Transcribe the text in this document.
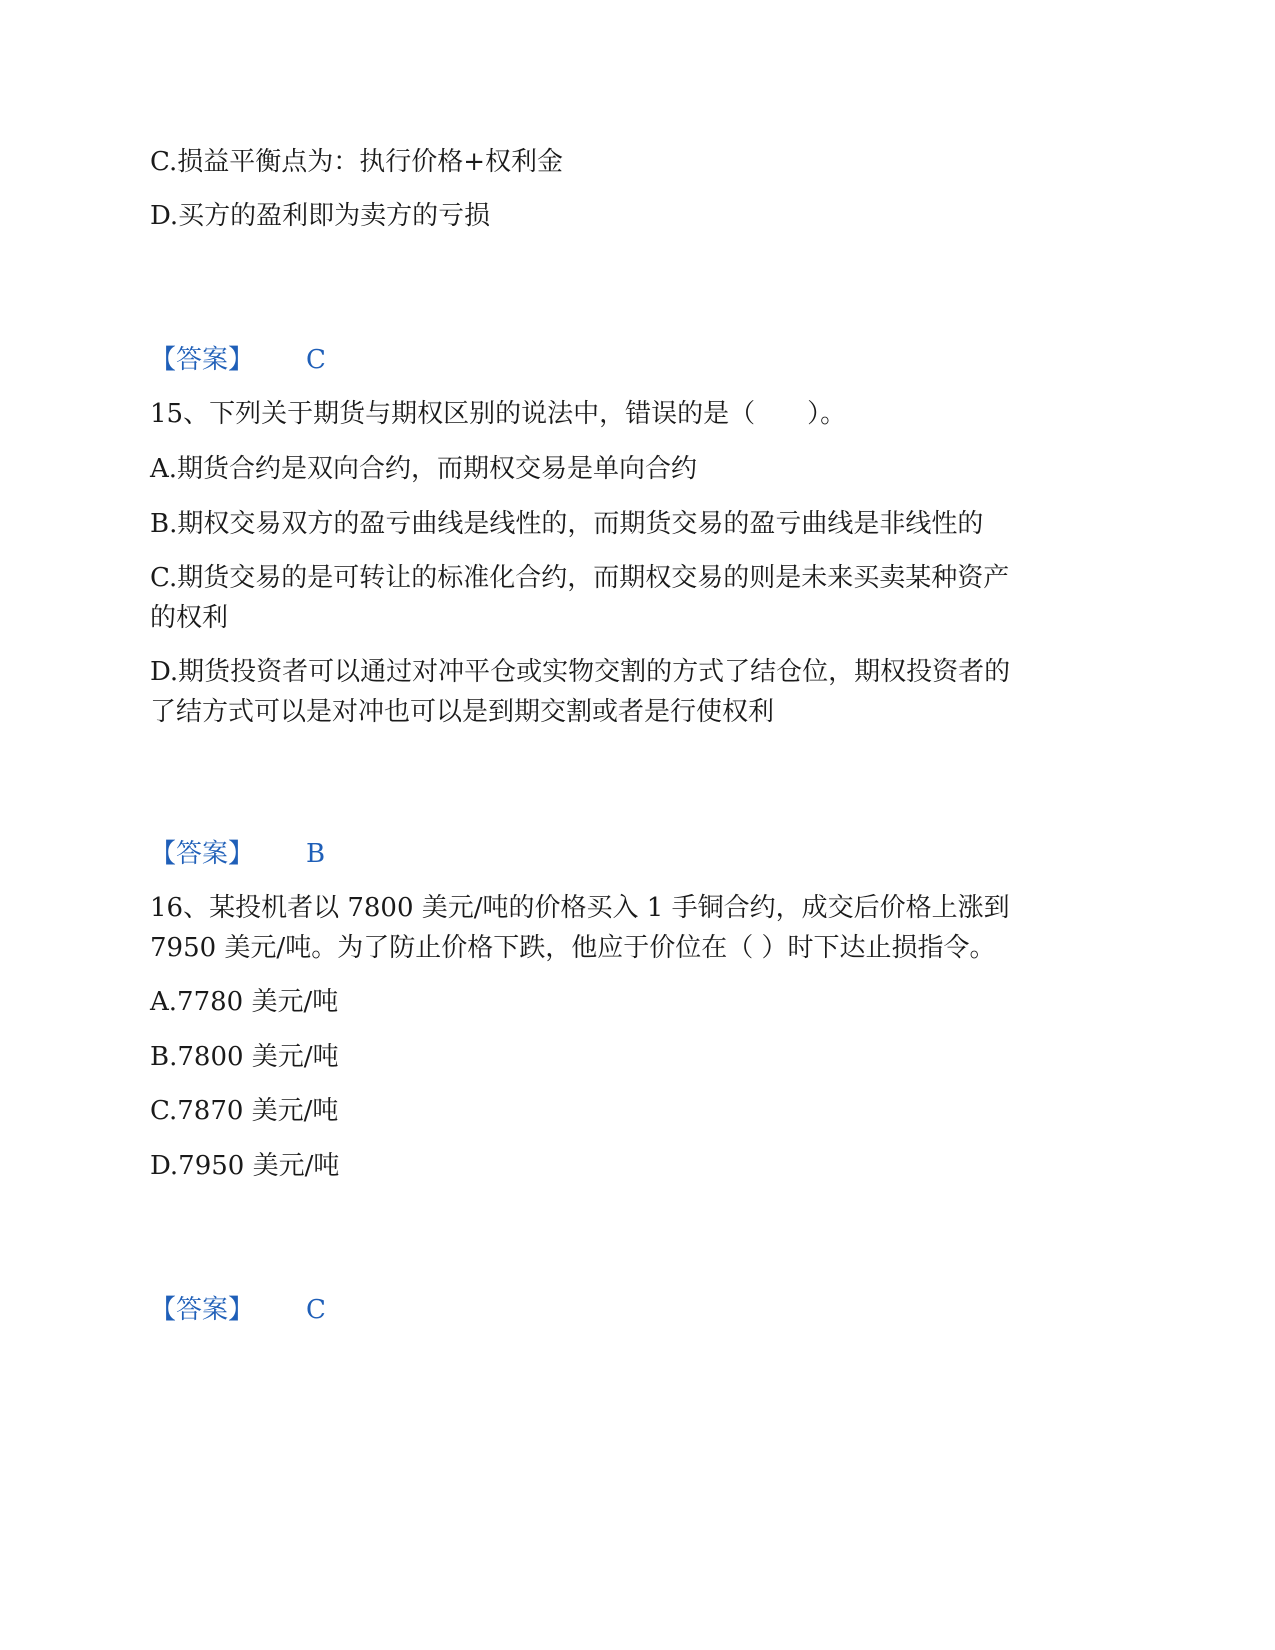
C.损益平衡点为：执行价格+权利金
D.买方的盈利即为卖方的亏损
【答案】 C
15、下列关于期货与期权区别的说法中，错误的是（　　）。
A.期货合约是双向合约，而期权交易是单向合约
B.期权交易双方的盈亏曲线是线性的，而期货交易的盈亏曲线是非线性的
C.期货交易的是可转让的标准化合约，而期权交易的则是未来买卖某种资产
的权利
D.期货投资者可以通过对冲平仓或实物交割的方式了结仓位，期权投资者的
了结方式可以是对冲也可以是到期交割或者是行使权利
【答案】 B
16、某投机者以 7800 美元/吨的价格买入 1 手铜合约，成交后价格上涨到
7950 美元/吨。为了防止价格下跌，他应于价位在（ ）时下达止损指令。
A.7780 美元/吨
B.7800 美元/吨
C.7870 美元/吨
D.7950 美元/吨
【答案】 C
